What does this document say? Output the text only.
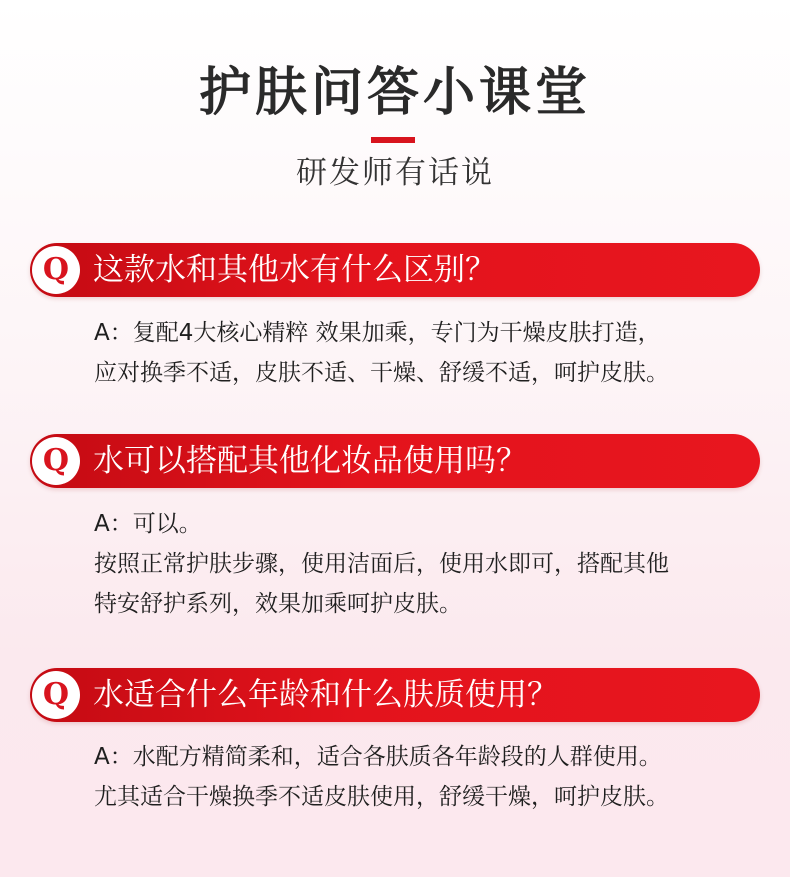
护肤问答小课堂
研发师有话说
Q 这款水和其他水有什么区别？
A：复配4大核心精粹 效果加乘，专门为干燥皮肤打造，
应对换季不适，皮肤不适、干燥、舒缓不适，呵护皮肤。
Q 水可以搭配其他化妆品使用吗？
A：可以。
按照正常护肤步骤，使用洁面后，使用水即可，搭配其他
特安舒护系列，效果加乘呵护皮肤。
Q 水适合什么年龄和什么肤质使用？
A：水配方精简柔和，适合各肤质各年龄段的人群使用。
尤其适合干燥换季不适皮肤使用，舒缓干燥，呵护皮肤。
